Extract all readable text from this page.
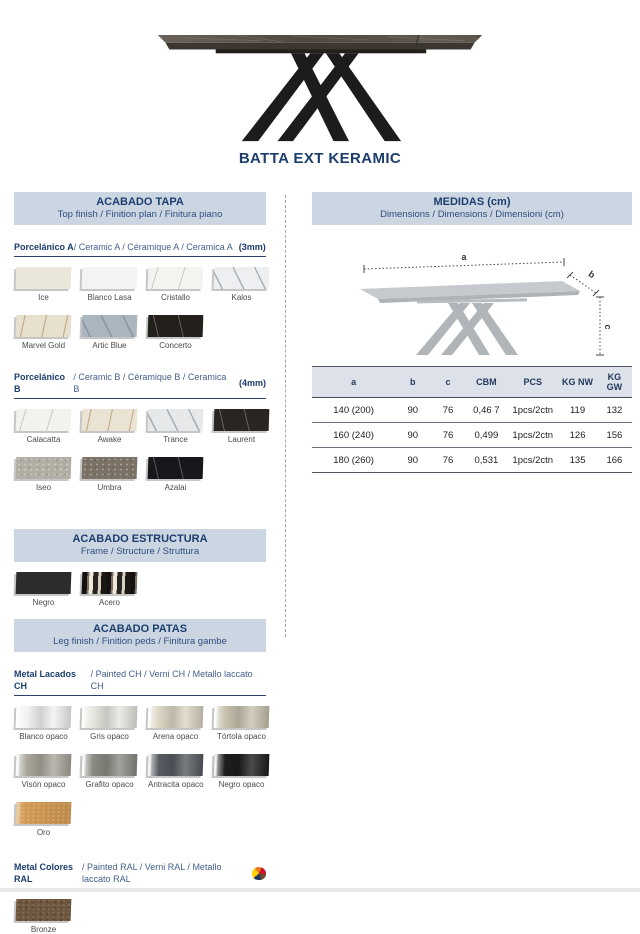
BATTA EXT KERAMIC
ACABADO TAPA
Top finish / Finition plan / Finitura piano
Porcelánico A / Ceramic A / Céramique A / Ceramica A (3mm)
Ice	Blanco Lasa	Cristallo	Kalos
Marvel Gold	Artic Blue	Concerto
Porcelánico B
/ Ceramic B / Céramique B / Ceramica B
(4mm)
Calacatta	Awake	Trance	Laurent
Iseo	Umbra	Azalai
ACABADO ESTRUCTURA
Frame / Structure / Struttura
Negro	Acero
ACABADO PATAS
Leg finish / Finition peds / Finitura gambe
Metal Lacados CH
/ Painted CH / Verni CH / Metallo laccato CH
Blanco opaco	Gris opaco	Arena opaco	Tórtola opaco
Visón opaco	Grafito opaco	Antracita opaco	Negro opaco
Oro
Metal Colores RAL
/ Painted RAL / Verni RAL / Metallo laccato RAL
Bronze
MEDIDAS (cm)
Dimensions / Dimensions / Dimensioni (cm)
a
b
c
a	b	c	CBM	PCS	KG NW	KG GW
140 (200)	90	76	0,46 7	1pcs/2ctn	119	132
160 (240)	90	76	0,499	1pcs/2ctn	126	156
180 (260)	90	76	0,531	1pcs/2ctn	135	166
